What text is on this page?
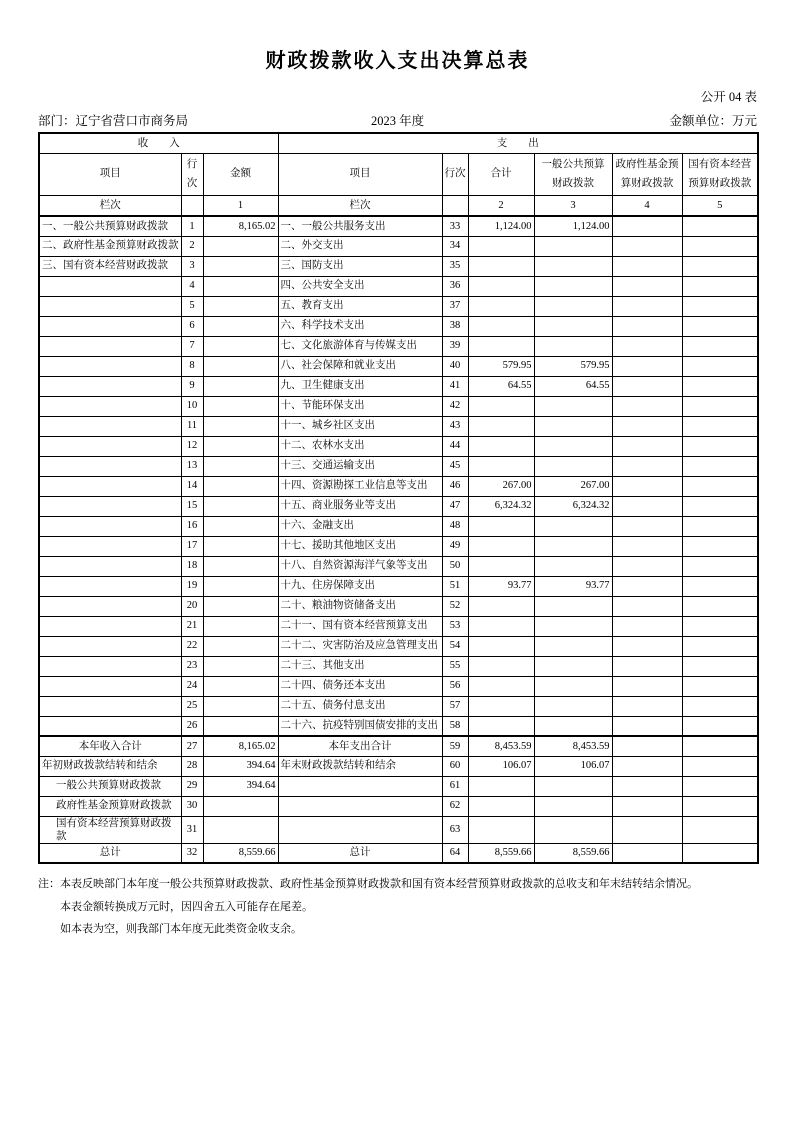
财政拨款收入支出决算总表
公开 04 表
部门：辽宁省营口市商务局	2023 年度	金额单位：万元
收　　入			支　　出					
项目	行次	金额	项目	行次	合计	一般公共预算财政拨款	政府性基金预算财政拨款	国有资本经营预算财政拨款
栏次		1	栏次		2	3	4	5
一、一般公共预算财政拨款	1	8,165.02	一、一般公共服务支出	33	1,124.00	1,124.00		
二、政府性基金预算财政拨款	2		二、外交支出	34				
三、国有资本经营财政拨款	3		三、国防支出	35				
	4		四、公共安全支出	36				
	5		五、教育支出	37				
	6		六、科学技术支出	38				
	7		七、文化旅游体育与传媒支出	39				
	8		八、社会保障和就业支出	40	579.95	579.95		
	9		九、卫生健康支出	41	64.55	64.55		
	10		十、节能环保支出	42				
	11		十一、城乡社区支出	43				
	12		十二、农林水支出	44				
	13		十三、交通运输支出	45				
	14		十四、资源勘探工业信息等支出	46	267.00	267.00		
	15		十五、商业服务业等支出	47	6,324.32	6,324.32		
	16		十六、金融支出	48				
	17		十七、援助其他地区支出	49				
	18		十八、自然资源海洋气象等支出	50				
	19		十九、住房保障支出	51	93.77	93.77		
	20		二十、粮油物资储备支出	52				
	21		二十一、国有资本经营预算支出	53				
	22		二十二、灾害防治及应急管理支出	54				
	23		二十三、其他支出	55				
	24		二十四、债务还本支出	56				
	25		二十五、债务付息支出	57				
	26		二十六、抗疫特别国债安排的支出	58				
本年收入合计	27	8,165.02	本年支出合计	59	8,453.59	8,453.59		
年初财政拨款结转和结余	28	394.64	年末财政拨款结转和结余	60	106.07	106.07		
一般公共预算财政拨款	29	394.64		61				
政府性基金预算财政拨款	30			62				
国有资本经营预算财政拨款	31			63				
总计	32	8,559.66	总计	64	8,559.66	8,559.66		
注： 本表反映部门本年度一般公共预算财政拨款、政府性基金预算财政拨款和国有资本经营预算财政拨款的总收支和年末结转结余情况。
本表金额转换成万元时，因四舍五入可能存在尾差。
如本表为空，则我部门本年度无此类资金收支余。
